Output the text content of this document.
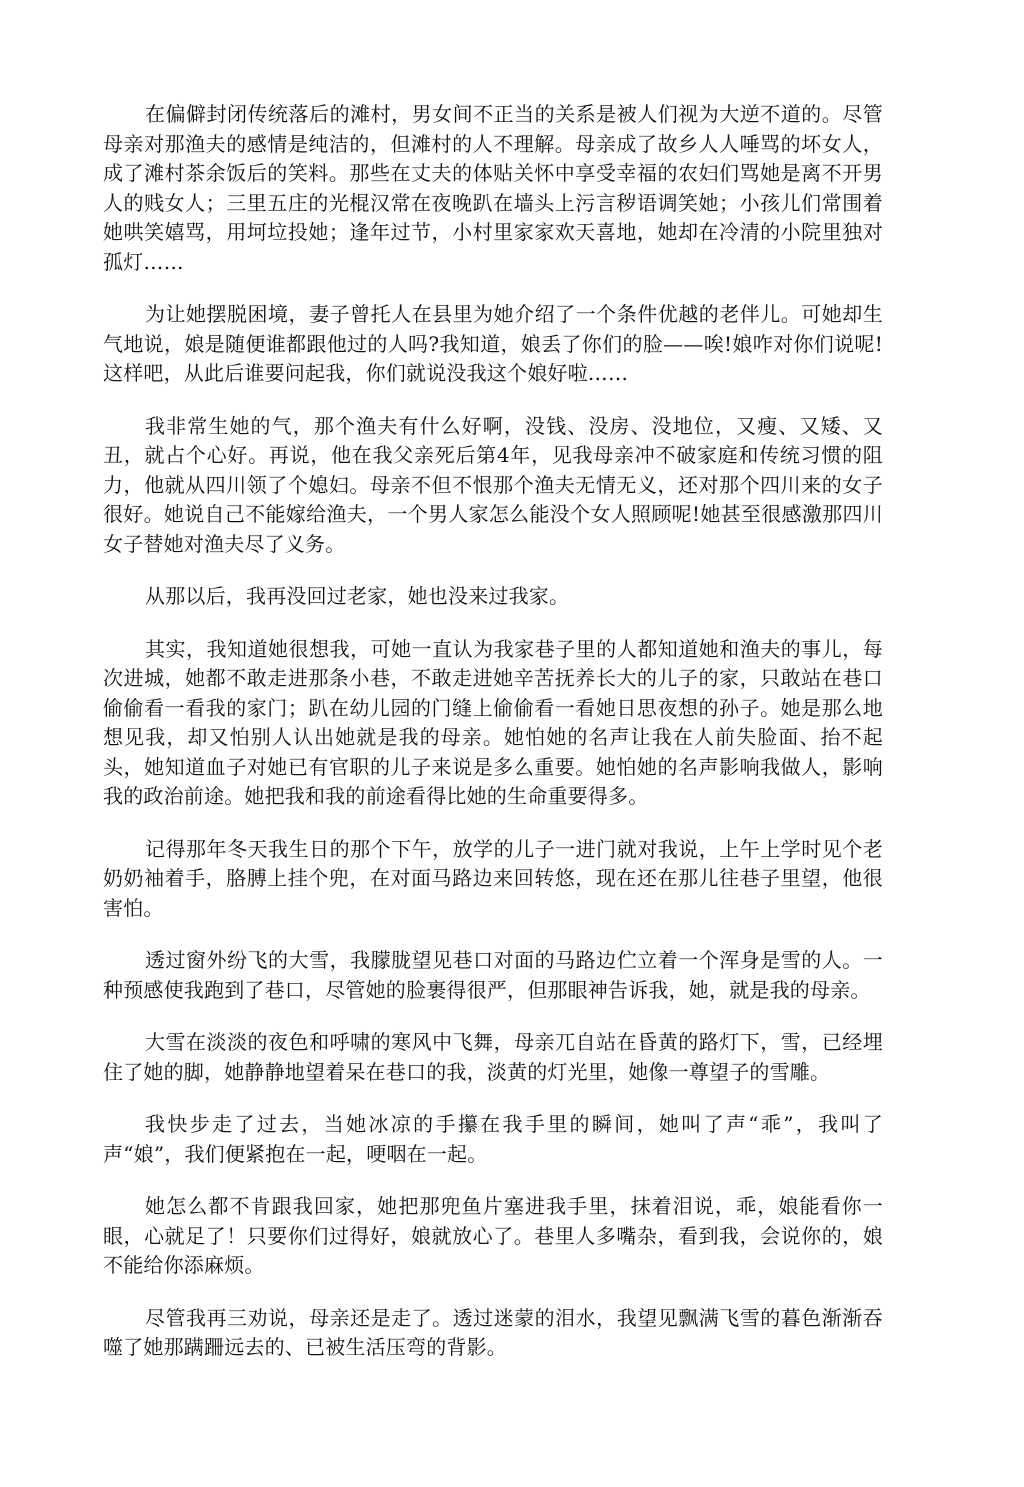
在偏僻封闭传统落后的滩村，男女间不正当的关系是被人们视为大逆不道的。尽管母亲对那渔夫的感情是纯洁的，但滩村的人不理解。母亲成了故乡人人唾骂的坏女人，成了滩村茶余饭后的笑料。那些在丈夫的体贴关怀中享受幸福的农妇们骂她是离不开男人的贱女人；三里五庄的光棍汉常在夜晚趴在墙头上污言秽语调笑她；小孩儿们常围着她哄笑嬉骂，用坷垃投她；逢年过节，小村里家家欢天喜地，她却在冷清的小院里独对孤灯……

为让她摆脱困境，妻子曾托人在县里为她介绍了一个条件优越的老伴儿。可她却生气地说，娘是随便谁都跟他过的人吗?我知道，娘丢了你们的脸——唉!娘咋对你们说呢!这样吧，从此后谁要问起我，你们就说没我这个娘好啦……

我非常生她的气，那个渔夫有什么好啊，没钱、没房、没地位，又瘦、又矮、又丑，就占个心好。再说，他在我父亲死后第4年，见我母亲冲不破家庭和传统习惯的阻力，他就从四川领了个媳妇。母亲不但不恨那个渔夫无情无义，还对那个四川来的女子很好。她说自己不能嫁给渔夫，一个男人家怎么能没个女人照顾呢!她甚至很感激那四川女子替她对渔夫尽了义务。

从那以后，我再没回过老家，她也没来过我家。

其实，我知道她很想我，可她一直认为我家巷子里的人都知道她和渔夫的事儿，每次进城，她都不敢走进那条小巷，不敢走进她辛苦抚养长大的儿子的家，只敢站在巷口偷偷看一看我的家门；趴在幼儿园的门缝上偷偷看一看她日思夜想的孙子。她是那么地想见我，却又怕别人认出她就是我的母亲。她怕她的名声让我在人前失脸面、抬不起头，她知道血子对她已有官职的儿子来说是多么重要。她怕她的名声影响我做人，影响我的政治前途。她把我和我的前途看得比她的生命重要得多。

记得那年冬天我生日的那个下午，放学的儿子一进门就对我说，上午上学时见个老奶奶袖着手，胳膊上挂个兜，在对面马路边来回转悠，现在还在那儿往巷子里望，他很害怕。

透过窗外纷飞的大雪，我朦胧望见巷口对面的马路边伫立着一个浑身是雪的人。一种预感使我跑到了巷口，尽管她的脸裹得很严，但那眼神告诉我，她，就是我的母亲。

大雪在淡淡的夜色和呼啸的寒风中飞舞，母亲兀自站在昏黄的路灯下，雪，已经埋住了她的脚，她静静地望着呆在巷口的我，淡黄的灯光里，她像一尊望子的雪雕。

我快步走了过去，当她冰凉的手攥在我手里的瞬间，她叫了声“乖”，我叫了声“娘”，我们便紧抱在一起，哽咽在一起。

她怎么都不肯跟我回家，她把那兜鱼片塞进我手里，抹着泪说，乖，娘能看你一眼，心就足了！只要你们过得好，娘就放心了。巷里人多嘴杂，看到我，会说你的，娘不能给你添麻烦。

尽管我再三劝说，母亲还是走了。透过迷蒙的泪水，我望见飘满飞雪的暮色渐渐吞噬了她那蹒跚远去的、已被生活压弯的背影。
